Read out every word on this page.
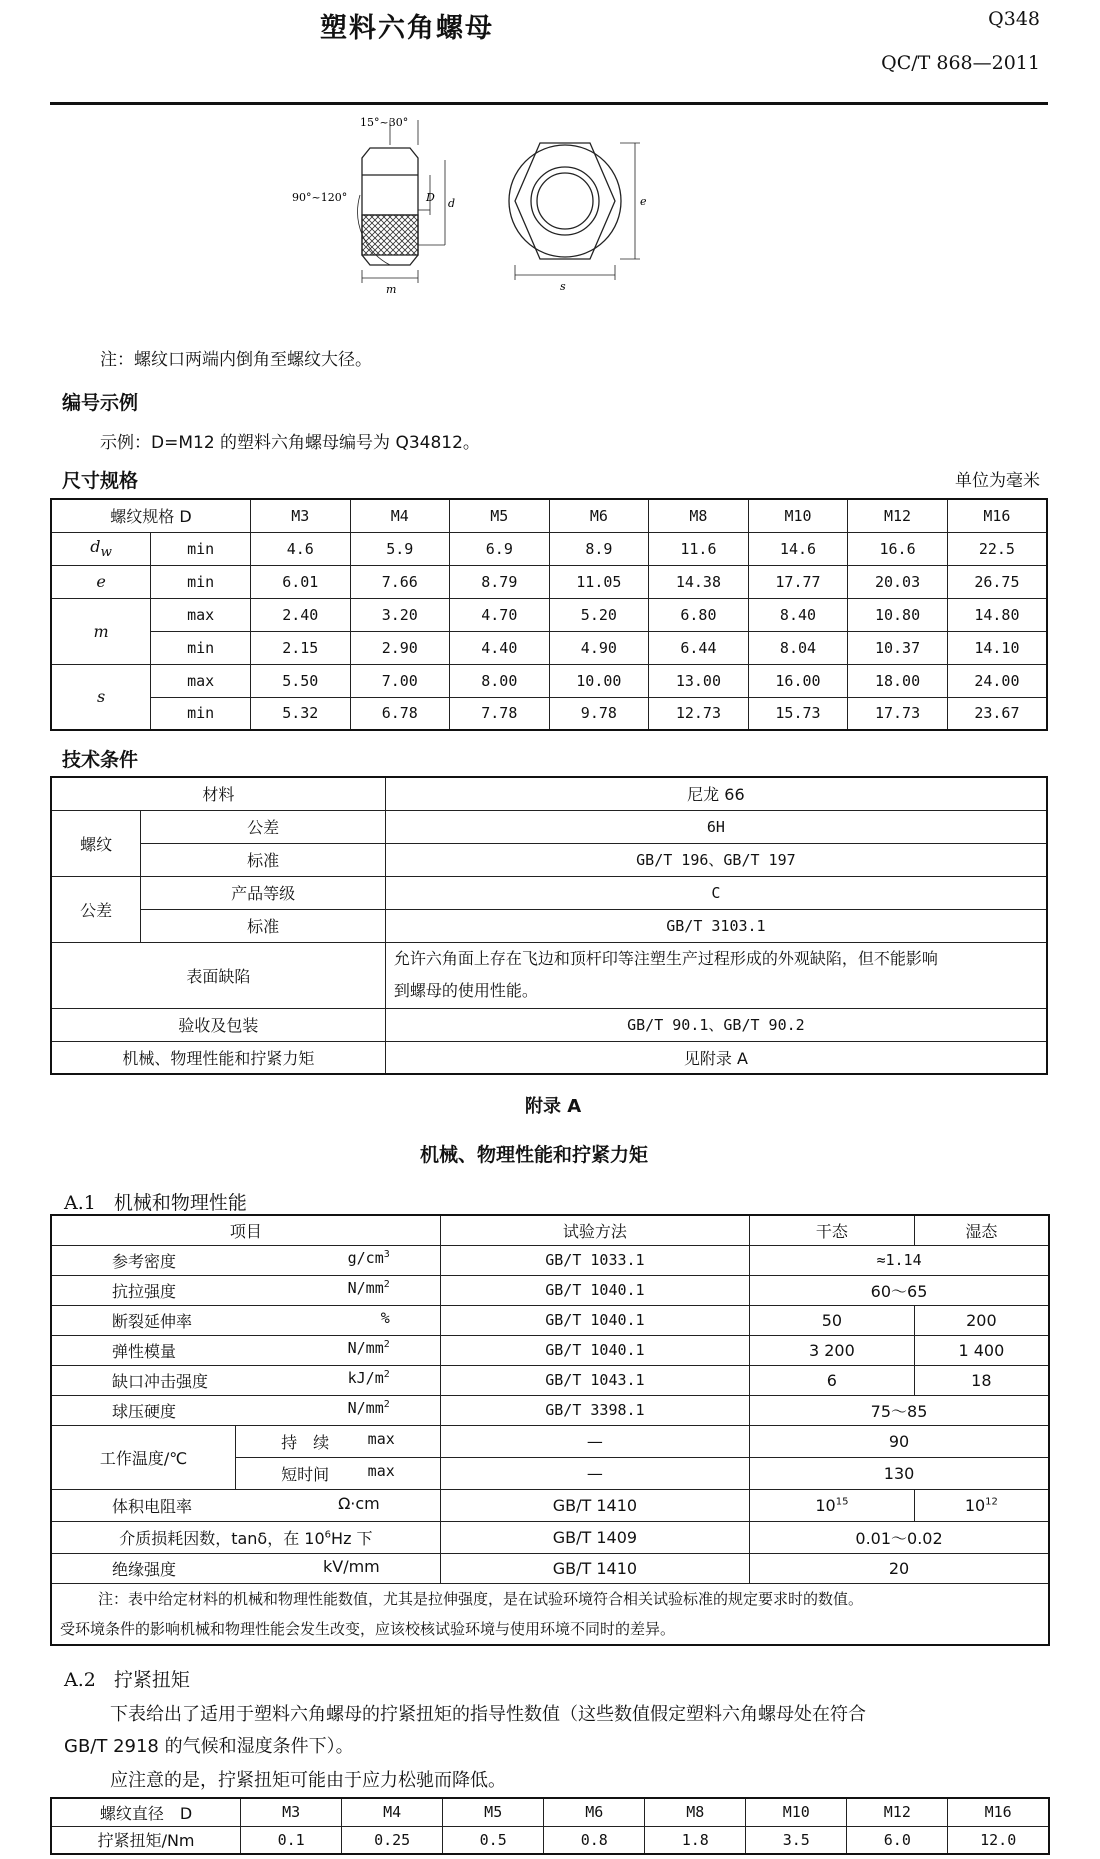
塑料六角螺母	Q348
QC/T 868—2011
15°~30°
90°~120°	D d
m
e
s
注：螺纹口两端内倒角至螺纹大径。
编号示例
示例：D=M12 的塑料六角螺母编号为 Q34812。
尺寸规格	单位为毫米
螺纹规格 D		M3	M4	M5	M6	M8	M10	M12	M16
$d_w$	min	4.6	5.9	6.9	8.9	11.6	14.6	16.6	22.5
e	min	6.01	7.66	8.79	11.05	14.38	17.77	20.03	26.75
m	max	2.40	3.20	4.70	5.20	6.80	8.40	10.80	14.80
	min	2.15	2.90	4.40	4.90	6.44	8.04	10.37	14.10
s	max	5.50	7.00	8.00	10.00	13.00	16.00	18.00	24.00
	min	5.32	6.78	7.78	9.78	12.73	15.73	17.73	23.67
技术条件
材料		尼龙 66
螺纹	公差	6H
	标准	GB/T 196、GB/T 197
公差	产品等级	C
	标准	GB/T 3103.1
表面缺陷		允许六角面上存在飞边和顶杆印等注塑生产过程形成的外观缺陷，但不能影响
到螺母的使用性能。

验收及包装		GB/T 90.1、GB/T 90.2
机械、物理性能和拧紧力矩		见附录 A
附录 A
机械、物理性能和拧紧力矩
A.1 机械和物理性能
项目		试验方法	干态	湿态

参考密度 $g/cm^3$		GB/T 1033.1	≈1.14	

抗拉强度 $N/mm^2$		GB/T 1040.1	60～65	

断裂延伸率 %		GB/T 1040.1	50	200

弹性模量 $N/mm^2$		GB/T 1040.1	3 200	1 400

缺口冲击强度 $kJ/m^2$		GB/T 1043.1	6	18

球压硬度 $N/mm^2$		GB/T 3398.1	75～85	
工作温度/℃	持　续 max	—	90	

	短时间 max	—	130	

体积电阻率 Ω·cm		GB/T 1410	$10^{15}$	$10^{12}$
介质损耗因数，tanδ，在 $10^6Hz$ 下		GB/T 1409	0.01～0.02	

绝缘强度 kV/mm		GB/T 1410	20	

注：表中给定材料的机械和物理性能数值，尤其是拉伸强度，是在试验环境符合相关试验标准的规定要求时的数值。
受环境条件的影响机械和物理性能会发生改变，应该校核试验环境与使用环境不同时的差异。				
A.2 拧紧扭矩
下表给出了适用于塑料六角螺母的拧紧扭矩的指导性数值（这些数值假定塑料六角螺母处在符合
GB/T 2918 的气候和湿度条件下）。
应注意的是，拧紧扭矩可能由于应力松驰而降低。
螺纹直径　D	M3	M4	M5	M6	M8	M10	M12	M16
拧紧扭矩/Nm	0.1	0.25	0.5	0.8	1.8	3.5	6.0	12.0
